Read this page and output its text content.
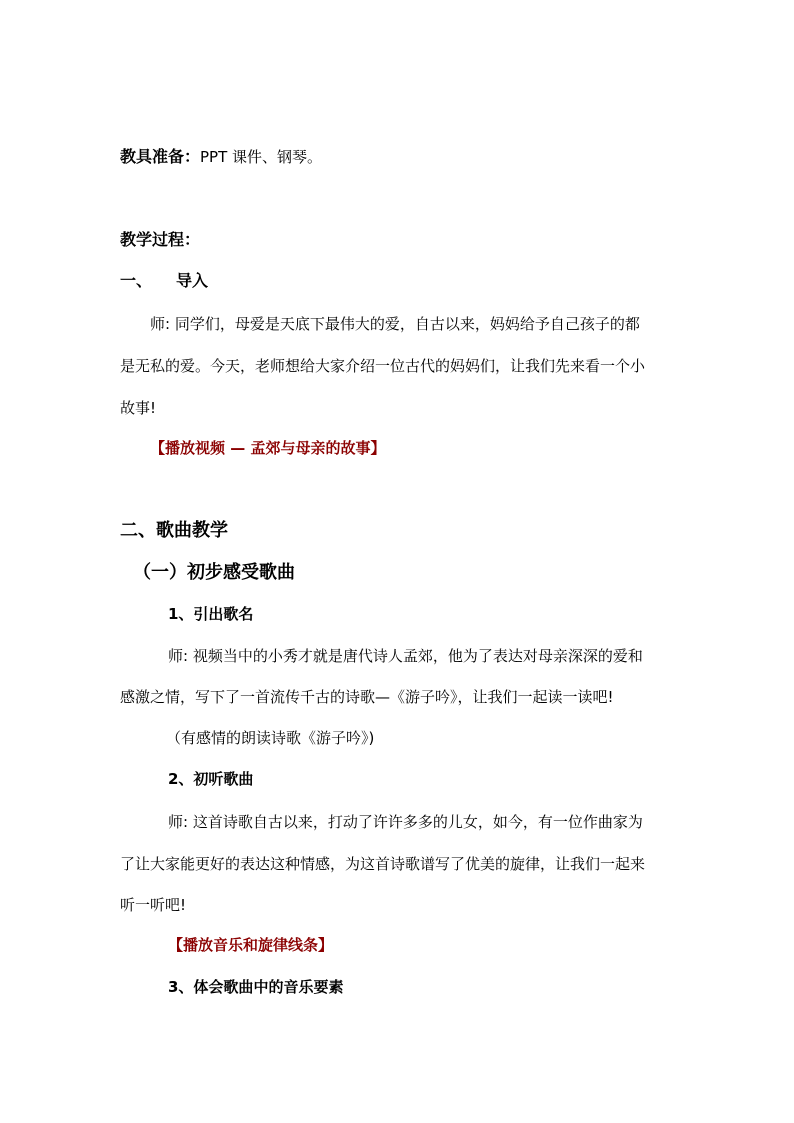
教具准备：PPT 课件、钢琴。
教学过程：
一、 导入
师: 同学们，母爱是天底下最伟大的爱，自古以来，妈妈给予自己孩子的都
是无私的爱。今天，老师想给大家介绍一位古代的妈妈们，让我们先来看一个小
故事!
【播放视频 — 孟郊与母亲的故事】
二、歌曲教学
（一）初步感受歌曲
1、引出歌名
师: 视频当中的小秀才就是唐代诗人孟郊，他为了表达对母亲深深的爱和
感激之情，写下了一首流传千古的诗歌—《游子吟》，让我们一起读一读吧!
（有感情的朗读诗歌《游子吟》)
2、初听歌曲
师: 这首诗歌自古以来，打动了许许多多的儿女，如今，有一位作曲家为
了让大家能更好的表达这种情感，为这首诗歌谱写了优美的旋律，让我们一起来
听一听吧!
【播放音乐和旋律线条】
3、体会歌曲中的音乐要素
